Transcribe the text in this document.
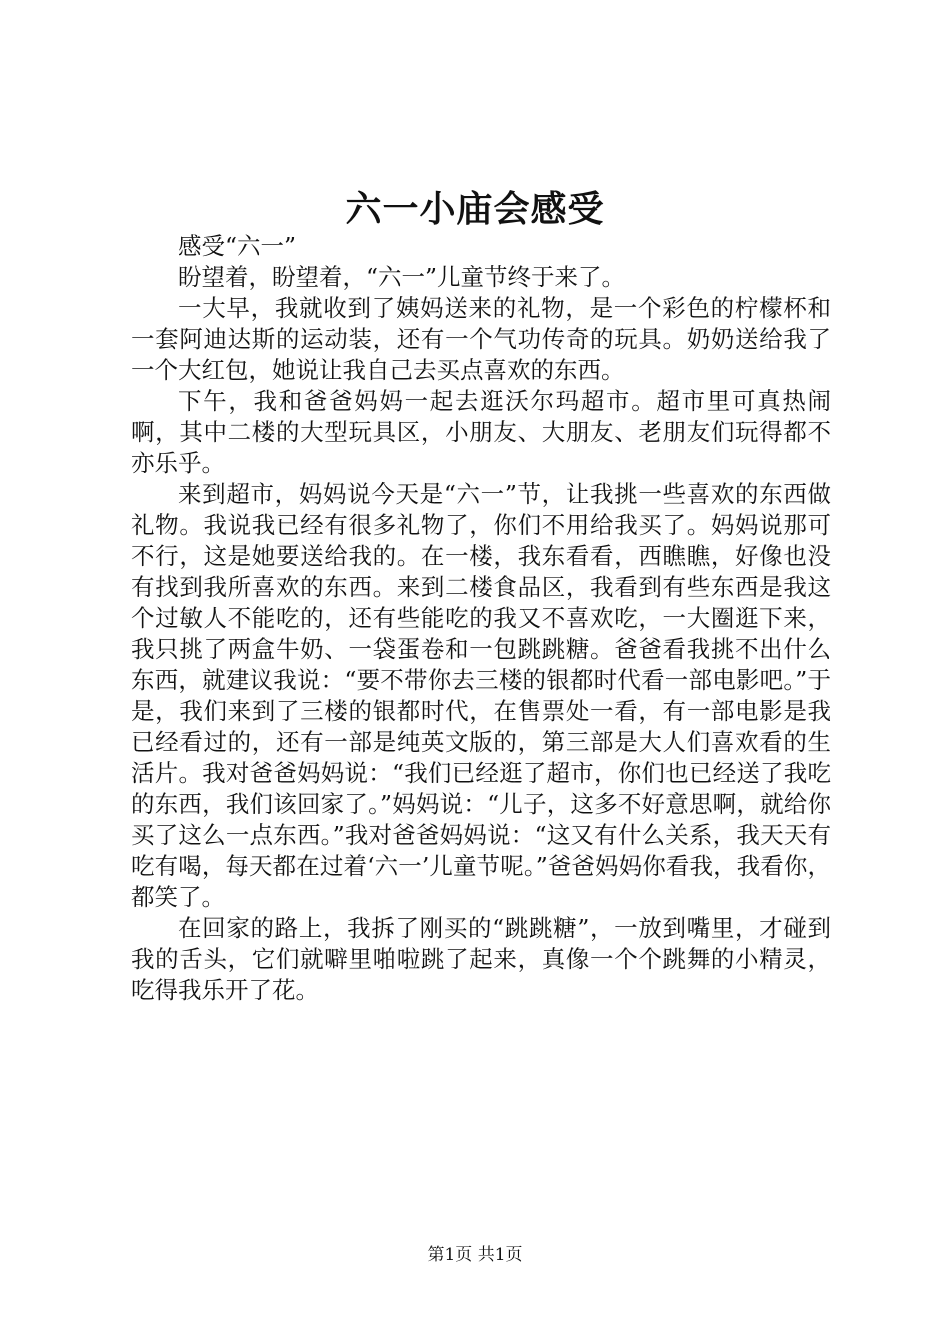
六一小庙会感受

感受“六一”

盼望着，盼望着，“六一”儿童节终于来了。

一大早，我就收到了姨妈送来的礼物，是一个彩色的柠檬杯和一套阿迪达斯的运动装，还有一个气功传奇的玩具。奶奶送给我了一个大红包，她说让我自己去买点喜欢的东西。

下午，我和爸爸妈妈一起去逛沃尔玛超市。超市里可真热闹啊，其中二楼的大型玩具区，小朋友、大朋友、老朋友们玩得都不亦乐乎。

来到超市，妈妈说今天是“六一”节，让我挑一些喜欢的东西做礼物。我说我已经有很多礼物了，你们不用给我买了。妈妈说那可不行，这是她要送给我的。在一楼，我东看看，西瞧瞧，好像也没有找到我所喜欢的东西。来到二楼食品区，我看到有些东西是我这个过敏人不能吃的，还有些能吃的我又不喜欢吃，一大圈逛下来，我只挑了两盒牛奶、一袋蛋卷和一包跳跳糖。爸爸看我挑不出什么东西，就建议我说：“要不带你去三楼的银都时代看一部电影吧。”于是，我们来到了三楼的银都时代，在售票处一看，有一部电影是我已经看过的，还有一部是纯英文版的，第三部是大人们喜欢看的生活片。我对爸爸妈妈说：“我们已经逛了超市，你们也已经送了我吃的东西，我们该回家了。”妈妈说：“儿子，这多不好意思啊，就给你买了这么一点东西。”我对爸爸妈妈说：“这又有什么关系，我天天有吃有喝，每天都在过着‘六一’儿童节呢。”爸爸妈妈你看我，我看你，都笑了。

在回家的路上，我拆了刚买的“跳跳糖”，一放到嘴里，才碰到我的舌头，它们就噼里啪啦跳了起来，真像一个个跳舞的小精灵，吃得我乐开了花。

第1页 共1页
